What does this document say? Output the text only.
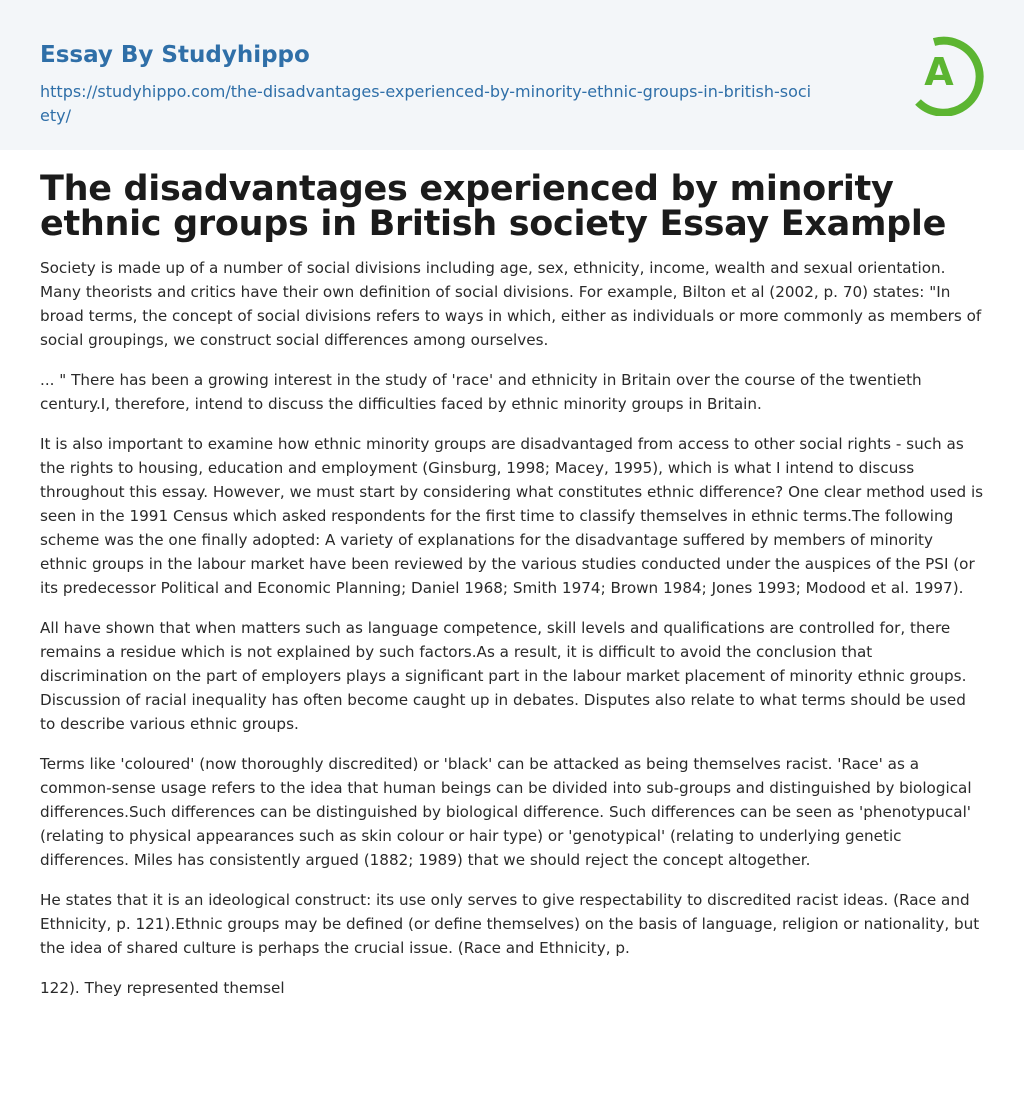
Essay By Studyhippo
https://studyhippo.com/the-disadvantages-experienced-by-minority-ethnic-groups-in-british-society/
A
The disadvantages experienced by minority ethnic groups in British society Essay Example

Society is made up of a number of social divisions including age, sex, ethnicity, income, wealth and sexual orientation. Many theorists and critics have their own definition of social divisions. For example, Bilton et al (2002, p. 70) states: "In broad terms, the concept of social divisions refers to ways in which, either as individuals or more commonly as members of social groupings, we construct social differences among ourselves.

... " There has been a growing interest in the study of 'race' and ethnicity in Britain over the course of the twentieth century.I, therefore, intend to discuss the difficulties faced by ethnic minority groups in Britain.

It is also important to examine how ethnic minority groups are disadvantaged from access to other social rights - such as the rights to housing, education and employment (Ginsburg, 1998; Macey, 1995), which is what I intend to discuss throughout this essay. However, we must start by considering what constitutes ethnic difference? One clear method used is seen in the 1991 Census which asked respondents for the first time to classify themselves in ethnic terms.The following scheme was the one finally adopted: A variety of explanations for the disadvantage suffered by members of minority ethnic groups in the labour market have been reviewed by the various studies conducted under the auspices of the PSI (or its predecessor Political and Economic Planning; Daniel 1968; Smith 1974; Brown 1984; Jones 1993; Modood et al. 1997).

All have shown that when matters such as language competence, skill levels and qualifications are controlled for, there remains a residue which is not explained by such factors.As a result, it is difficult to avoid the conclusion that discrimination on the part of employers plays a significant part in the labour market placement of minority ethnic groups. Discussion of racial inequality has often become caught up in debates. Disputes also relate to what terms should be used to describe various ethnic groups.

Terms like 'coloured' (now thoroughly discredited) or 'black' can be attacked as being themselves racist. 'Race' as a common-sense usage refers to the idea that human beings can be divided into sub-groups and distinguished by biological differences.Such differences can be distinguished by biological difference. Such differences can be seen as 'phenotypucal' (relating to physical appearances such as skin colour or hair type) or 'genotypical' (relating to underlying genetic differences. Miles has consistently argued (1882; 1989) that we should reject the concept altogether.

He states that it is an ideological construct: its use only serves to give respectability to discredited racist ideas. (Race and Ethnicity, p. 121).Ethnic groups may be defined (or define themselves) on the basis of language, religion or nationality, but the idea of shared culture is perhaps the crucial issue. (Race and Ethnicity, p.

122). They represented themsel
